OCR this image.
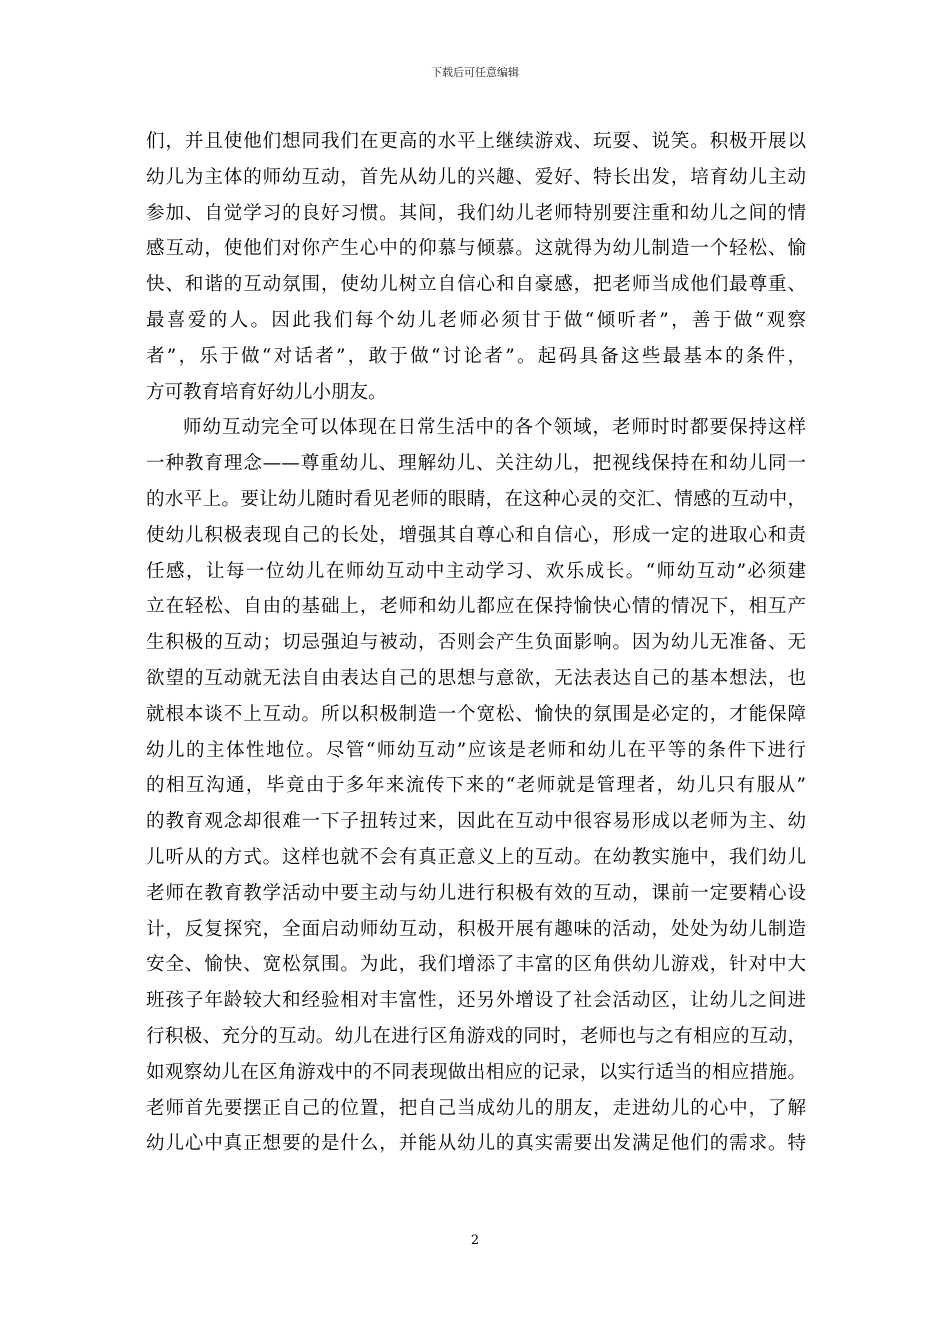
下载后可任意编辑
们，并且使他们想同我们在更高的水平上继续游戏、玩耍、说笑。积极开展以
幼儿为主体的师幼互动，首先从幼儿的兴趣、爱好、特长出发，培育幼儿主动
参加、自觉学习的良好习惯。其间，我们幼儿老师特别要注重和幼儿之间的情
感互动，使他们对你产生心中的仰慕与倾慕。这就得为幼儿制造一个轻松、愉
快、和谐的互动氛围，使幼儿树立自信心和自豪感，把老师当成他们最尊重、
最喜爱的人。因此我们每个幼儿老师必须甘于做“倾听者”，善于做“观察
者”，乐于做“对话者”，敢于做“讨论者”。起码具备这些最基本的条件，
方可教育培育好幼儿小朋友。
师幼互动完全可以体现在日常生活中的各个领域，老师时时都要保持这样
一种教育理念——尊重幼儿、理解幼儿、关注幼儿，把视线保持在和幼儿同一
的水平上。要让幼儿随时看见老师的眼睛，在这种心灵的交汇、情感的互动中，
使幼儿积极表现自己的长处，增强其自尊心和自信心，形成一定的进取心和责
任感，让每一位幼儿在师幼互动中主动学习、欢乐成长。“师幼互动”必须建
立在轻松、自由的基础上，老师和幼儿都应在保持愉快心情的情况下，相互产
生积极的互动；切忌强迫与被动，否则会产生负面影响。因为幼儿无准备、无
欲望的互动就无法自由表达自己的思想与意欲，无法表达自己的基本想法，也
就根本谈不上互动。所以积极制造一个宽松、愉快的氛围是必定的，才能保障
幼儿的主体性地位。尽管“师幼互动”应该是老师和幼儿在平等的条件下进行
的相互沟通，毕竟由于多年来流传下来的“老师就是管理者，幼儿只有服从”
的教育观念却很难一下子扭转过来，因此在互动中很容易形成以老师为主、幼
儿听从的方式。这样也就不会有真正意义上的互动。在幼教实施中，我们幼儿
老师在教育教学活动中要主动与幼儿进行积极有效的互动，课前一定要精心设
计，反复探究，全面启动师幼互动，积极开展有趣味的活动，处处为幼儿制造
安全、愉快、宽松氛围。为此，我们增添了丰富的区角供幼儿游戏，针对中大
班孩子年龄较大和经验相对丰富性，还另外增设了社会活动区，让幼儿之间进
行积极、充分的互动。幼儿在进行区角游戏的同时，老师也与之有相应的互动，
如观察幼儿在区角游戏中的不同表现做出相应的记录，以实行适当的相应措施。
老师首先要摆正自己的位置，把自己当成幼儿的朋友，走进幼儿的心中，了解
幼儿心中真正想要的是什么，并能从幼儿的真实需要出发满足他们的需求。特
2
